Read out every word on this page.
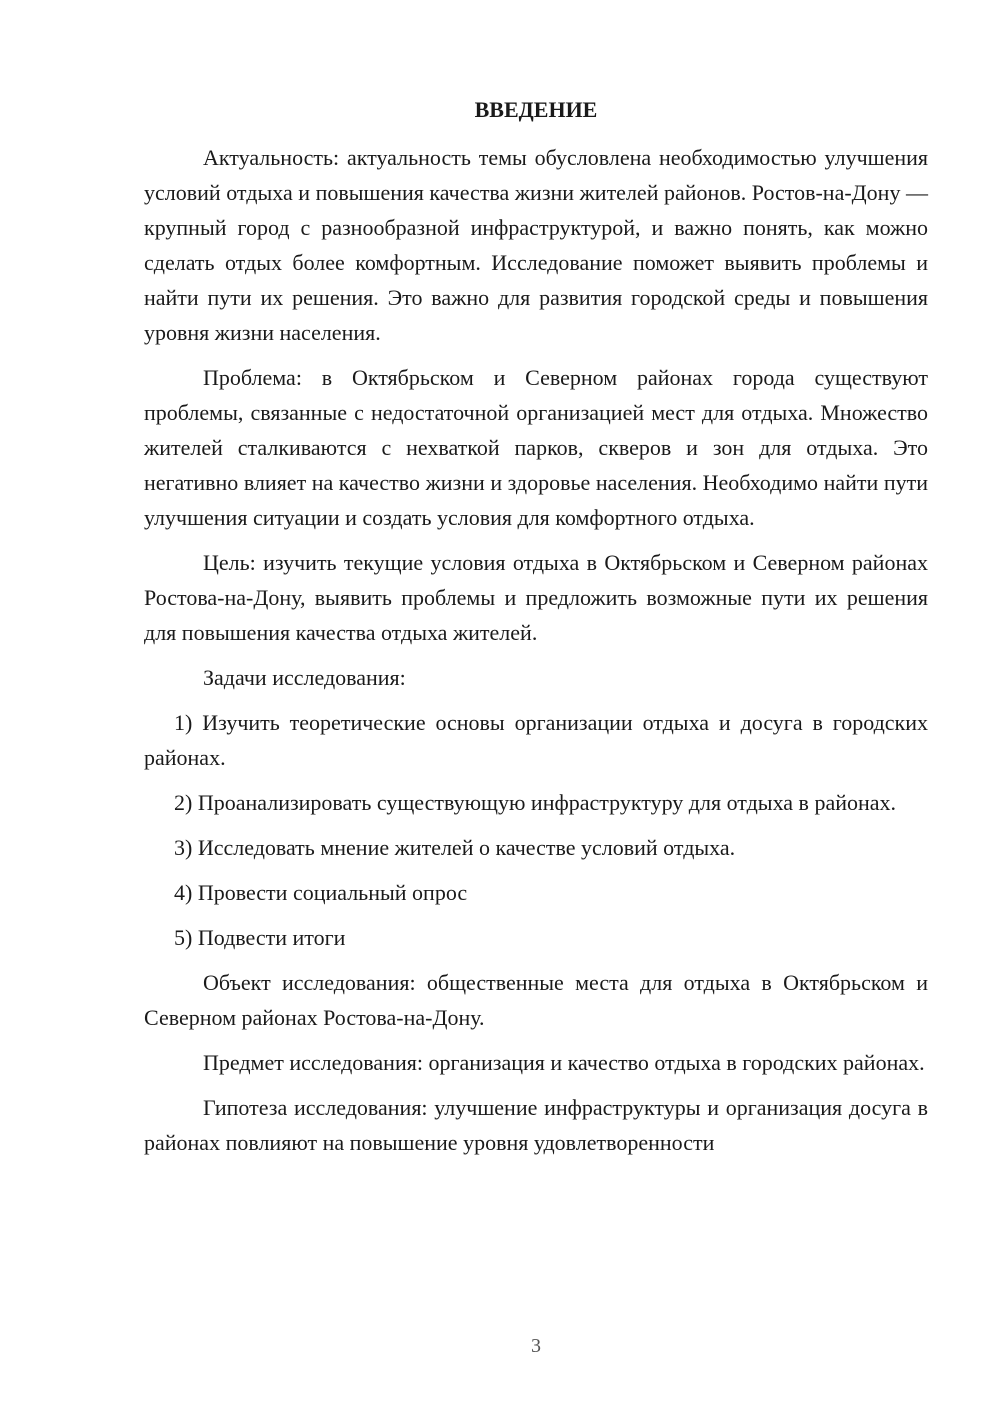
ВВЕДЕНИЕ

Актуальность: актуальность темы обусловлена необходимостью улучшения условий отдыха и повышения качества жизни жителей районов. Ростов-на-Дону — крупный город с разнообразной инфраструктурой, и важно понять, как можно сделать отдых более комфортным. Исследование поможет выявить проблемы и найти пути их решения. Это важно для развития городской среды и повышения уровня жизни населения.

Проблема: в Октябрьском и Северном районах города существуют проблемы, связанные с недостаточной организацией мест для отдыха. Множество жителей сталкиваются с нехваткой парков, скверов и зон для отдыха. Это негативно влияет на качество жизни и здоровье населения. Необходимо найти пути улучшения ситуации и создать условия для комфортного отдыха.

Цель: изучить текущие условия отдыха в Октябрьском и Северном районах Ростова-на-Дону, выявить проблемы и предложить возможные пути их решения для повышения качества отдыха жителей.

Задачи исследования:

1) Изучить теоретические основы организации отдыха и досуга в городских районах.

2) Проанализировать существующую инфраструктуру для отдыха в районах.

3) Исследовать мнение жителей о качестве условий отдыха.

4) Провести социальный опрос

5) Подвести итоги

Объект исследования: общественные места для отдыха в Октябрьском и Северном районах Ростова-на-Дону.

Предмет исследования: организация и качество отдыха в городских районах.

Гипотеза исследования: улучшение инфраструктуры и организация досуга в районах повлияют на повышение уровня удовлетворенности

3
